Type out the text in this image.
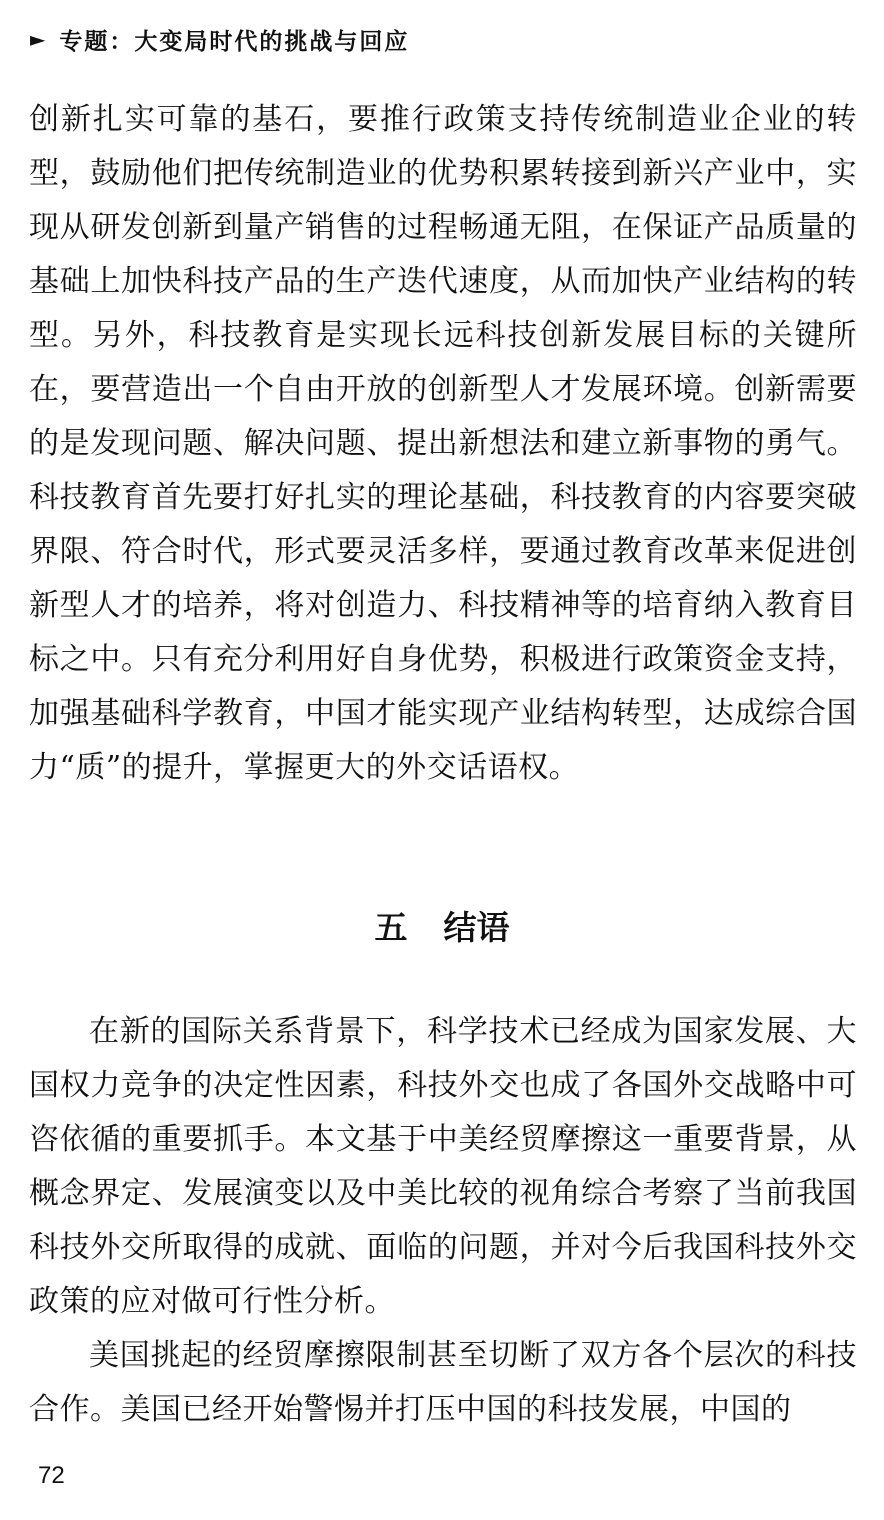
► 专题：大变局时代的挑战与回应

创新扎实可靠的基石，要推行政策支持传统制造业企业的转型，鼓励他们把传统制造业的优势积累转接到新兴产业中，实现从研发创新到量产销售的过程畅通无阻，在保证产品质量的基础上加快科技产品的生产迭代速度，从而加快产业结构的转型。另外，科技教育是实现长远科技创新发展目标的关键所在，要营造出一个自由开放的创新型人才发展环境。创新需要的是发现问题、解决问题、提出新想法和建立新事物的勇气。科技教育首先要打好扎实的理论基础，科技教育的内容要突破界限、符合时代，形式要灵活多样，要通过教育改革来促进创新型人才的培养，将对创造力、科技精神等的培育纳入教育目标之中。只有充分利用好自身优势，积极进行政策资金支持，加强基础科学教育，中国才能实现产业结构转型，达成综合国力“质”的提升，掌握更大的外交话语权。

五 结语

在新的国际关系背景下，科学技术已经成为国家发展、大国权力竞争的决定性因素，科技外交也成了各国外交战略中可咨依循的重要抓手。本文基于中美经贸摩擦这一重要背景，从概念界定、发展演变以及中美比较的视角综合考察了当前我国科技外交所取得的成就、面临的问题，并对今后我国科技外交政策的应对做可行性分析。

美国挑起的经贸摩擦限制甚至切断了双方各个层次的科技合作。美国已经开始警惕并打压中国的科技发展，中国的

72
